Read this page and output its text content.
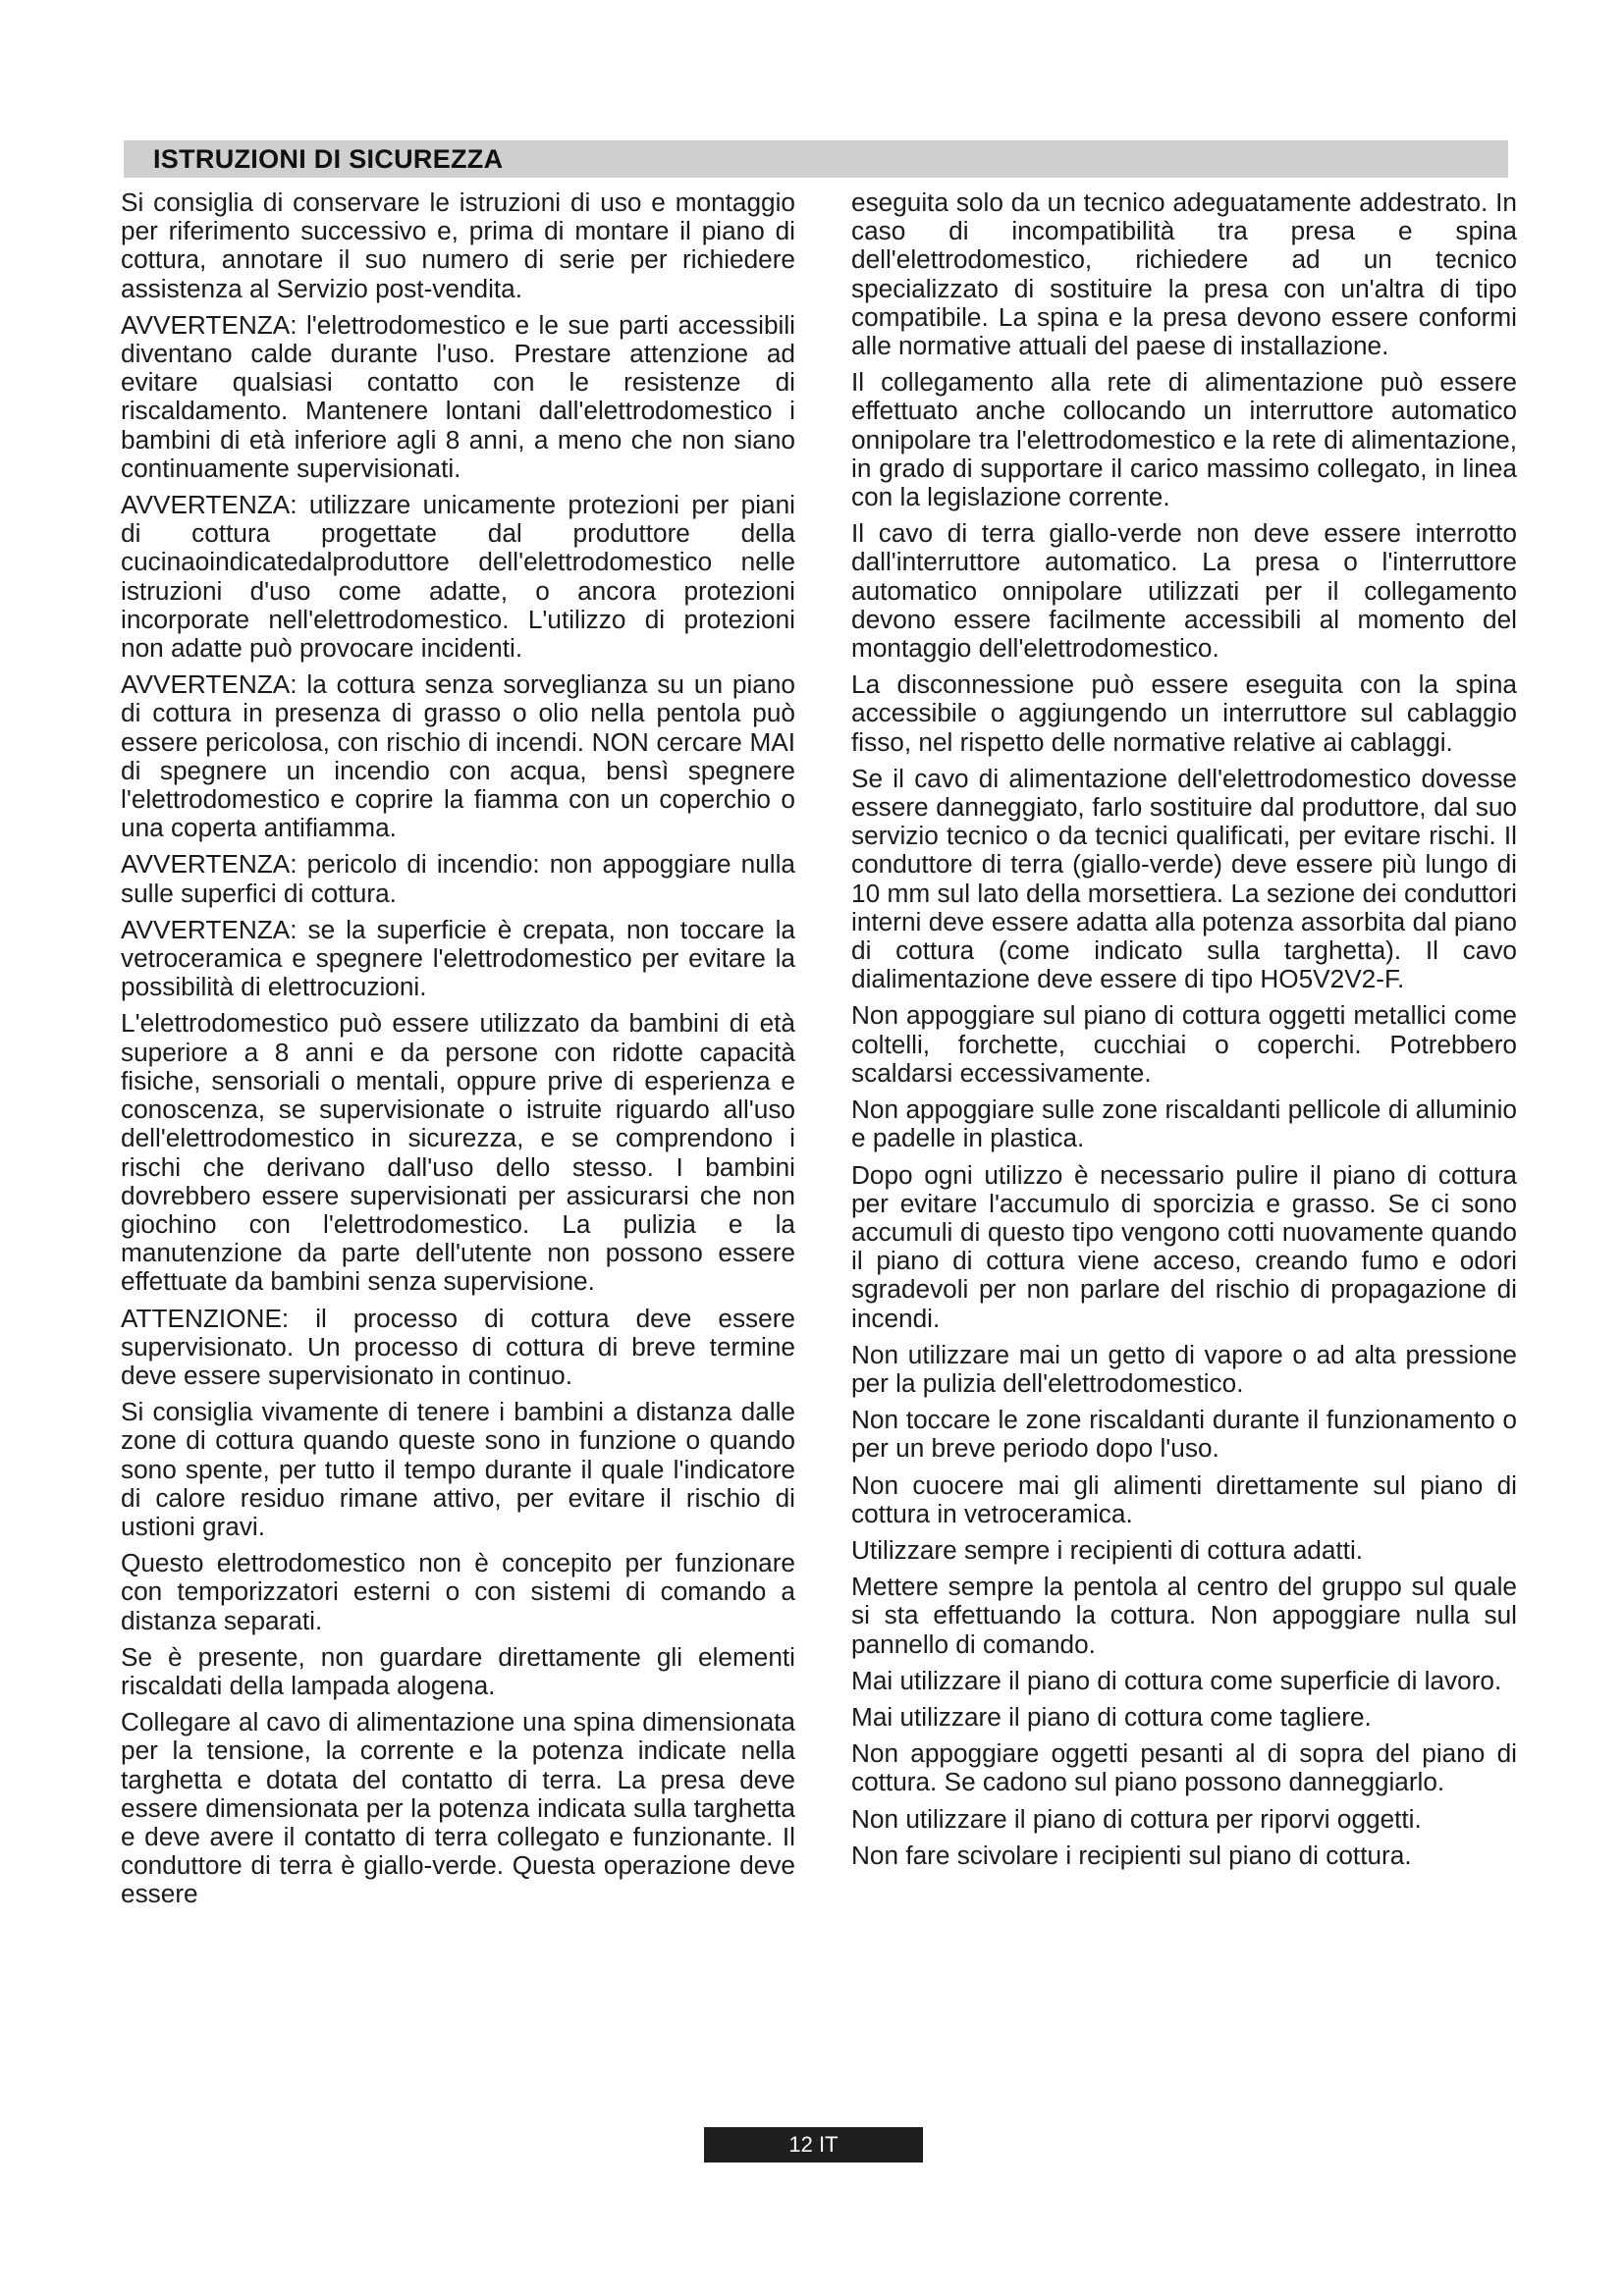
ISTRUZIONI DI SICUREZZA

Si consiglia di conservare le istruzioni di uso e montaggio per riferimento successivo e, prima di montare il piano di cottura, annotare il suo numero di serie per richiedere assistenza al Servizio post-vendita.

AVVERTENZA: l'elettrodomestico e le sue parti accessibili diventano calde durante l'uso. Prestare attenzione ad evitare qualsiasi contatto con le resistenze di riscaldamento. Mantenere lontani dall'elettrodomestico i bambini di età inferiore agli 8 anni, a meno che non siano continuamente supervisionati.

AVVERTENZA: utilizzare unicamente protezioni per piani di cottura progettate dal produttore della cucinaoindicatedalproduttore dell'elettrodomestico nelle istruzioni d'uso come adatte, o ancora protezioni incorporate nell'elettrodomestico. L'utilizzo di protezioni non adatte può provocare incidenti.

AVVERTENZA: la cottura senza sorveglianza su un piano di cottura in presenza di grasso o olio nella pentola può essere pericolosa, con rischio di incendi. NON cercare MAI di spegnere un incendio con acqua, bensì spegnere l'elettrodomestico e coprire la fiamma con un coperchio o una coperta antifiamma.

AVVERTENZA: pericolo di incendio: non appoggiare nulla sulle superfici di cottura.

AVVERTENZA: se la superficie è crepata, non toccare la vetroceramica e spegnere l'elettrodomestico per evitare la possibilità di elettrocuzioni.

L'elettrodomestico può essere utilizzato da bambini di età superiore a 8 anni e da persone con ridotte capacità fisiche, sensoriali o mentali, oppure prive di esperienza e conoscenza, se supervisionate o istruite riguardo all'uso dell'elettrodomestico in sicurezza, e se comprendono i rischi che derivano dall'uso dello stesso. I bambini dovrebbero essere supervisionati per assicurarsi che non giochino con l'elettrodomestico. La pulizia e la manutenzione da parte dell'utente non possono essere effettuate da bambini senza supervisione.

ATTENZIONE: il processo di cottura deve essere supervisionato. Un processo di cottura di breve termine deve essere supervisionato in continuo.

Si consiglia vivamente di tenere i bambini a distanza dalle zone di cottura quando queste sono in funzione o quando sono spente, per tutto il tempo durante il quale l'indicatore di calore residuo rimane attivo, per evitare il rischio di ustioni gravi.

Questo elettrodomestico non è concepito per funzionare con temporizzatori esterni o con sistemi di comando a distanza separati.

Se è presente, non guardare direttamente gli elementi riscaldati della lampada alogena.

Collegare al cavo di alimentazione una spina dimensionata per la tensione, la corrente e la potenza indicate nella targhetta e dotata del contatto di terra. La presa deve essere dimensionata per la potenza indicata sulla targhetta e deve avere il contatto di terra collegato e funzionante. Il conduttore di terra è giallo-verde. Questa operazione deve essere

eseguita solo da un tecnico adeguatamente addestrato. In caso di incompatibilità tra presa e spina dell'elettrodomestico, richiedere ad un tecnico specializzato di sostituire la presa con un'altra di tipo compatibile. La spina e la presa devono essere conformi alle normative attuali del paese di installazione.

Il collegamento alla rete di alimentazione può essere effettuato anche collocando un interruttore automatico onnipolare tra l'elettrodomestico e la rete di alimentazione, in grado di supportare il carico massimo collegato, in linea con la legislazione corrente.

Il cavo di terra giallo-verde non deve essere interrotto dall'interruttore automatico. La presa o l'interruttore automatico onnipolare utilizzati per il collegamento devono essere facilmente accessibili al momento del montaggio dell'elettrodomestico.

La disconnessione può essere eseguita con la spina accessibile o aggiungendo un interruttore sul cablaggio fisso, nel rispetto delle normative relative ai cablaggi.

Se il cavo di alimentazione dell'elettrodomestico dovesse essere danneggiato, farlo sostituire dal produttore, dal suo servizio tecnico o da tecnici qualificati, per evitare rischi. Il conduttore di terra (giallo-verde) deve essere più lungo di 10 mm sul lato della morsettiera. La sezione dei conduttori interni deve essere adatta alla potenza assorbita dal piano di cottura (come indicato sulla targhetta). Il cavo dialimentazione deve essere di tipo HO5V2V2-F.

Non appoggiare sul piano di cottura oggetti metallici come coltelli, forchette, cucchiai o coperchi. Potrebbero scaldarsi eccessivamente.

Non appoggiare sulle zone riscaldanti pellicole di alluminio e padelle in plastica.

Dopo ogni utilizzo è necessario pulire il piano di cottura per evitare l'accumulo di sporcizia e grasso. Se ci sono accumuli di questo tipo vengono cotti nuovamente quando il piano di cottura viene acceso, creando fumo e odori sgradevoli per non parlare del rischio di propagazione di incendi.

Non utilizzare mai un getto di vapore o ad alta pressione per la pulizia dell'elettrodomestico.

Non toccare le zone riscaldanti durante il funzionamento o per un breve periodo dopo l'uso.

Non cuocere mai gli alimenti direttamente sul piano di cottura in vetroceramica.

Utilizzare sempre i recipienti di cottura adatti.

Mettere sempre la pentola al centro del gruppo sul quale si sta effettuando la cottura. Non appoggiare nulla sul pannello di comando.

Mai utilizzare il piano di cottura come superficie di lavoro.

Mai utilizzare il piano di cottura come tagliere.

Non appoggiare oggetti pesanti al di sopra del piano di cottura. Se cadono sul piano possono danneggiarlo.

Non utilizzare il piano di cottura per riporvi oggetti.

Non fare scivolare i recipienti sul piano di cottura.

12 IT
